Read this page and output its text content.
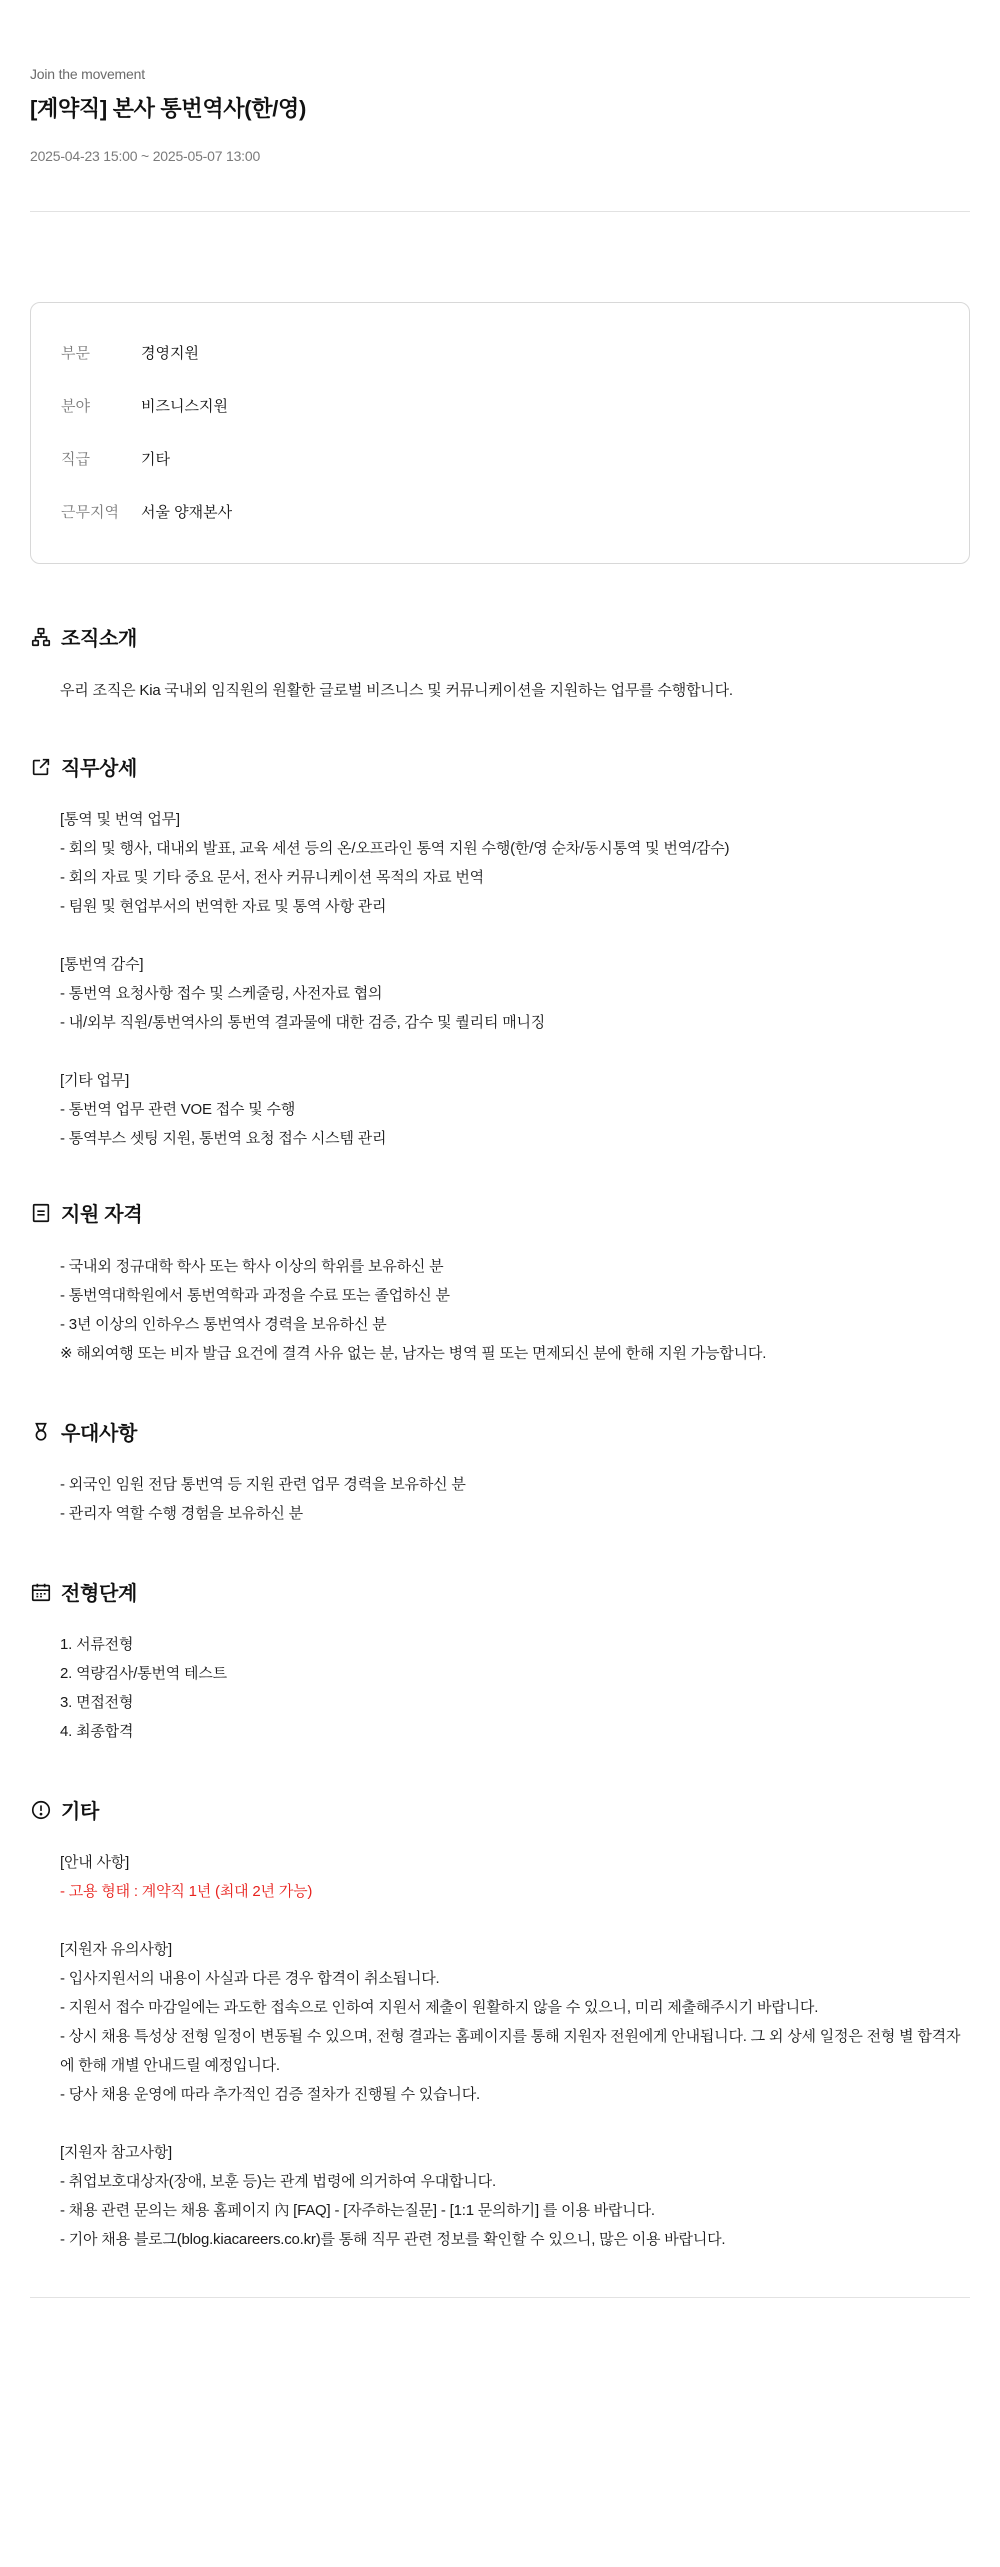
Join the movement
[계약직] 본사 통번역사(한/영)
2025-04-23 15:00 ~ 2025-05-07 13:00
부문	경영지원
분야	비즈니스지원
직급	기타
근무지역	서울 양재본사
조직소개
우리 조직은 Kia 국내외 임직원의 원활한 글로벌 비즈니스 및 커뮤니케이션을 지원하는 업무를 수행합니다.
직무상세
[통역 및 번역 업무]
- 회의 및 행사, 대내외 발표, 교육 세션 등의 온/오프라인 통역 지원 수행(한/영 순차/동시통역 및 번역/감수)
- 회의 자료 및 기타 중요 문서, 전사 커뮤니케이션 목적의 자료 번역
- 팀원 및 현업부서의 번역한 자료 및 통역 사항 관리
[통번역 감수]
- 통번역 요청사항 접수 및 스케줄링, 사전자료 협의
- 내/외부 직원/통번역사의 통번역 결과물에 대한 검증, 감수 및 퀄리티 매니징
[기타 업무]
- 통번역 업무 관련 VOE 접수 및 수행
- 통역부스 셋팅 지원, 통번역 요청 접수 시스템 관리
지원 자격
- 국내외 정규대학 학사 또는 학사 이상의 학위를 보유하신 분
- 통번역대학원에서 통번역학과 과정을 수료 또는 졸업하신 분
- 3년 이상의 인하우스 통번역사 경력을 보유하신 분
※ 해외여행 또는 비자 발급 요건에 결격 사유 없는 분, 남자는 병역 필 또는 면제되신 분에 한해 지원 가능합니다.
우대사항
- 외국인 임원 전담 통번역 등 지원 관련 업무 경력을 보유하신 분
- 관리자 역할 수행 경험을 보유하신 분
전형단계
1. 서류전형
2. 역량검사/통번역 테스트
3. 면접전형
4. 최종합격
기타
[안내 사항]
- 고용 형태 : 계약직 1년 (최대 2년 가능)
[지원자 유의사항]
- 입사지원서의 내용이 사실과 다른 경우 합격이 취소됩니다.
- 지원서 접수 마감일에는 과도한 접속으로 인하여 지원서 제출이 원활하지 않을 수 있으니, 미리 제출해주시기 바랍니다.
- 상시 채용 특성상 전형 일정이 변동될 수 있으며, 전형 결과는 홈페이지를 통해 지원자 전원에게 안내됩니다. 그 외 상세 일정은 전형 별 합격자에 한해 개별 안내드릴 예정입니다.
- 당사 채용 운영에 따라 추가적인 검증 절차가 진행될 수 있습니다.
[지원자 참고사항]
- 취업보호대상자(장애, 보훈 등)는 관계 법령에 의거하여 우대합니다.
- 채용 관련 문의는 채용 홈페이지 內 [FAQ] - [자주하는질문] - [1:1 문의하기] 를 이용 바랍니다.
- 기아 채용 블로그(blog.kiacareers.co.kr)를 통해 직무 관련 정보를 확인할 수 있으니, 많은 이용 바랍니다.
